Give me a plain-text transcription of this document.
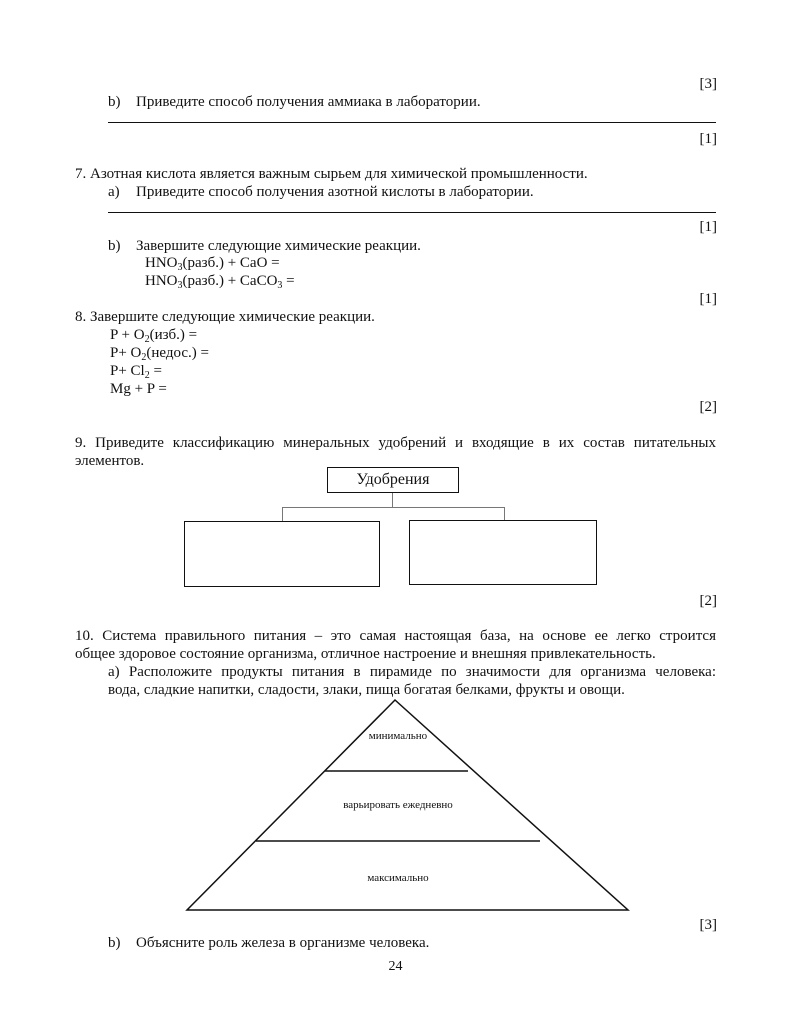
[3]
b) Приведите способ получения аммиака в лаборатории.
[1]
7. Азотная кислота является важным сырьем для химической промышленности.
a) Приведите способ получения азотной кислоты в лаборатории.
[1]
b) Завершите следующие химические реакции.
$HNO_3(разб.)$ + CaO =
$HNO_3(разб.)$ + CaCO$_3$ =
[1]
8. Завершите следующие химические реакции.
$P + O_2(изб.)$ =
$P+ O_2(недос.)$ =
$P+ Cl_2$ =
Mg + P =
[2]
9. Приведите классификацию минеральных удобрений и входящие в их состав питательных
элементов.
Удобрения
[2]
10. Система правильного питания – это самая настоящая база, на основе ее легко строится
общее здоровое состояние организма, отличное настроение и внешняя привлекательность.
a) Расположите продукты питания в пирамиде по значимости для организма человека:
вода, сладкие напитки, сладости, злаки, пища богатая белками, фрукты и овощи.
минимально
варьировать ежедневно
максимально
[3]
b) Объясните роль железа в организме человека.
24
